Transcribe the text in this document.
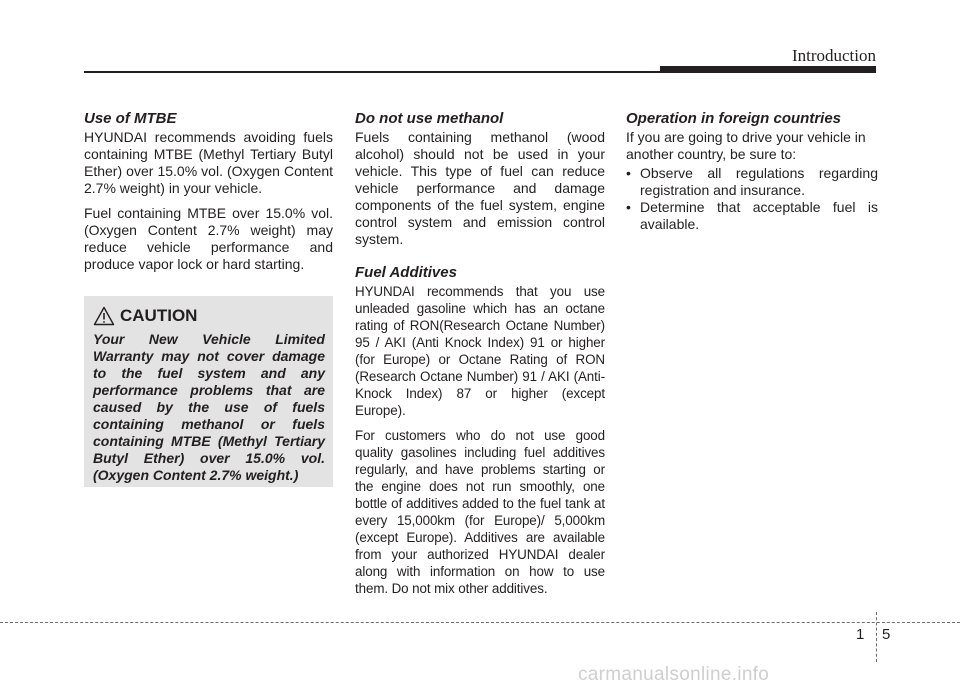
Introduction
Use of MTBE

HYUNDAI recommends avoiding fuels containing MTBE (Methyl Tertiary Butyl Ether) over 15.0% vol. (Oxygen Content 2.7% weight) in your vehicle.

Fuel containing MTBE over 15.0% vol. (Oxygen Content 2.7% weight) may reduce vehicle performance and produce vapor lock or hard starting.

CAUTION

Your New Vehicle Limited Warranty may not cover damage to the fuel system and any performance problems that are caused by the use of fuels containing methanol or fuels containing MTBE (Methyl Tertiary Butyl Ether) over 15.0% vol. (Oxygen Content 2.7% weight.)

Do not use methanol

Fuels containing methanol (wood alcohol) should not be used in your vehicle. This type of fuel can reduce vehicle performance and damage components of the fuel system, engine control system and emission control system.

Fuel Additives

HYUNDAI recommends that you use unleaded gasoline which has an octane rating of RON(Research Octane Number) 95 / AKI (Anti Knock Index) 91 or higher (for Europe) or Octane Rating of RON (Research Octane Number) 91 / AKI (Anti-Knock Index) 87 or higher (except Europe).

For customers who do not use good quality gasolines including fuel additives regularly, and have problems starting or the engine does not run smoothly, one bottle of additives added to the fuel tank at every 15,000km (for Europe)/ 5,000km (except Europe). Additives are available from your authorized HYUNDAI dealer along with information on how to use them. Do not mix other additives.

Operation in foreign countries

If you are going to drive your vehicle in another country, be sure to:

• Observe all regulations regarding registration and insurance.
• Determine that acceptable fuel is available.
1 5
carmanualsonline.info
